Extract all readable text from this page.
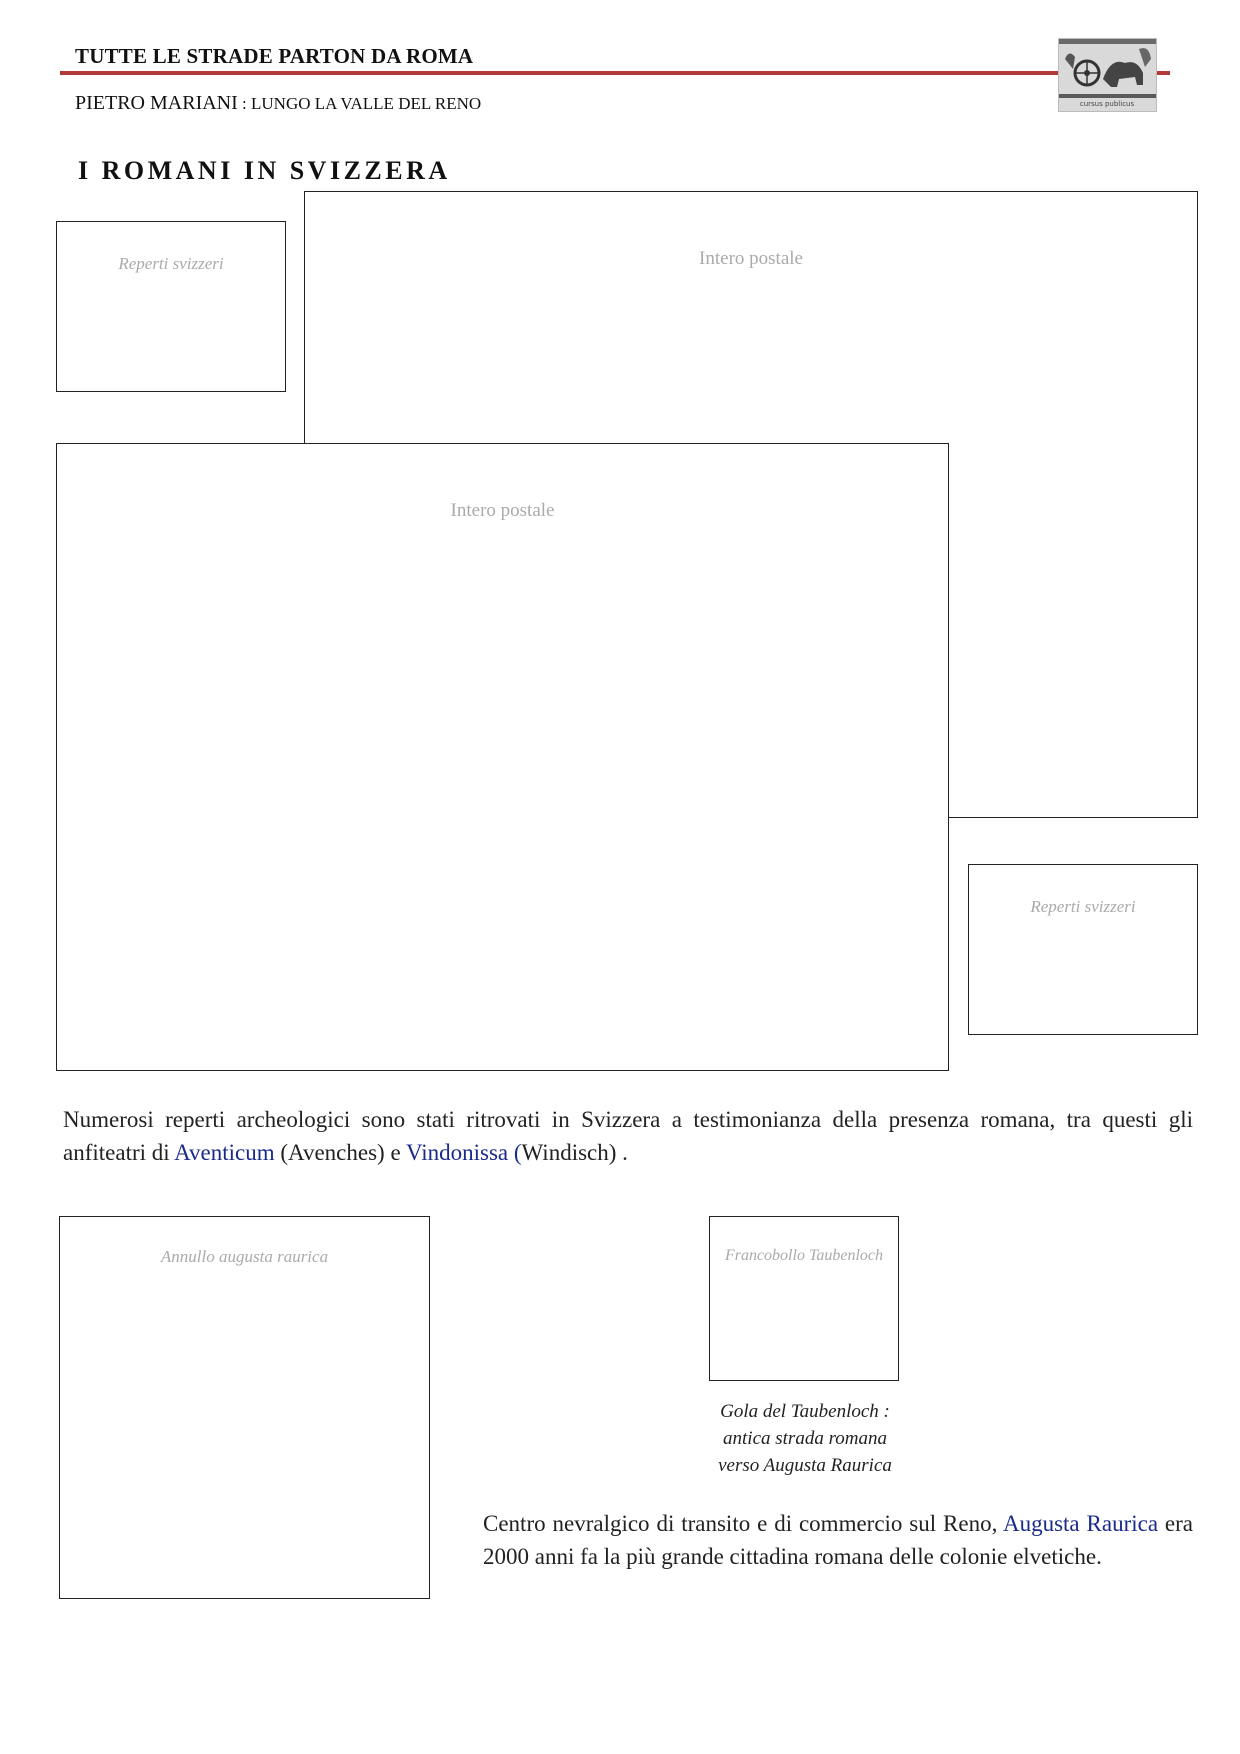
TUTTE LE STRADE PARTON DA ROMA
PIETRO MARIANI : LUNGO LA VALLE DEL RENO	cursus publicus
I ROMANI IN SVIZZERA
Intero postale
Reperti svizzeri
Intero postale
Reperti svizzeri
Numerosi reperti archeologici sono stati ritrovati in Svizzera a testimonianza della presenza romana, tra questi gli anfiteatri di Aventicum (Avenches) e Vindonissa (Windisch) .
Annullo augusta raurica	Francobollo Taubenloch
Gola del Taubenloch :
antica strada romana
verso Augusta Raurica
Centro nevralgico di transito e di commercio sul Reno, Augusta Raurica era 2000 anni fa la più grande cittadina romana delle colonie elvetiche.
